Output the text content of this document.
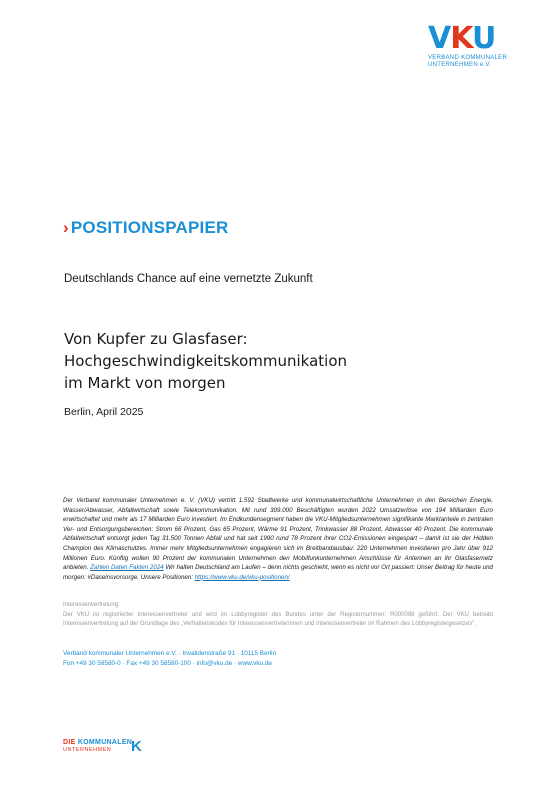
VKU
VERBAND KOMMUNALER
UNTERNEHMEN e.V.
› POSITIONSPAPIER
Deutschlands Chance auf eine vernetzte Zukunft
Von Kupfer zu Glasfaser:
Hochgeschwindigkeitskommunikation
im Markt von morgen
Berlin, April 2025
Der Verband kommunaler Unternehmen e. V. (VKU) vertritt 1.592 Stadtwerke und kommunalwirtschaftliche Unternehmen in den Bereichen Energie, Wasser/Abwasser, Abfallwirtschaft sowie Telekommunikation. Mit rund 309.000 Beschäftigten wurden 2022 Umsatzerlöse von 194 Milliarden Euro erwirtschaftet und mehr als 17 Milliarden Euro investiert. Im Endkundensegment haben die VKU-Mitgliedsunternehmen signifikante Marktanteile in zentralen Ver- und Entsorgungsbereichen: Strom 66 Prozent, Gas 65 Prozent, Wärme 91 Prozent, Trinkwasser 88 Prozent, Abwasser 40 Prozent. Die kommunale Abfallwirtschaft entsorgt jeden Tag 31.500 Tonnen Abfall und hat seit 1990 rund 78 Prozent ihrer CO2-Emissionen eingespart – damit ist sie der Hidden Champion des Klimaschutzes. Immer mehr Mitgliedsunternehmen engagieren sich im Breitbandausbau: 220 Unternehmen investieren pro Jahr über 912 Millionen Euro. Künftig wollen 90 Prozent der kommunalen Unternehmen den Mobilfunkunternehmen Anschlüsse für Antennen an ihr Glasfasernetz anbieten. Zahlen Daten Fakten 2024 Wir halten Deutschland am Laufen – denn nichts geschieht, wenn es nicht vor Ort passiert: Unser Beitrag für heute und morgen: #Daseinsvorsorge. Unsere Positionen: https://www.vku.de/vku-positionen/
Interessenvertretung:
Der VKU ist registrierter Interessenvertreter und wird im Lobbyregister des Bundes unter der Registernummer: R000098 geführt. Der VKU betreibt Interessenvertretung auf der Grundlage des „Verhaltenskodex für Interessenvertreterinnen und Interessenvertreter im Rahmen des Lobbyregistergesetzes“.
Verband kommunaler Unternehmen e.V. · Invalidenstraße 91 · 10115 Berlin
Fon +49 30 58580-0 · Fax +49 30 58580-100 · info@vku.de · www.vku.de
DIE KOMMUNALEN
UNTERNEHMEN	K
